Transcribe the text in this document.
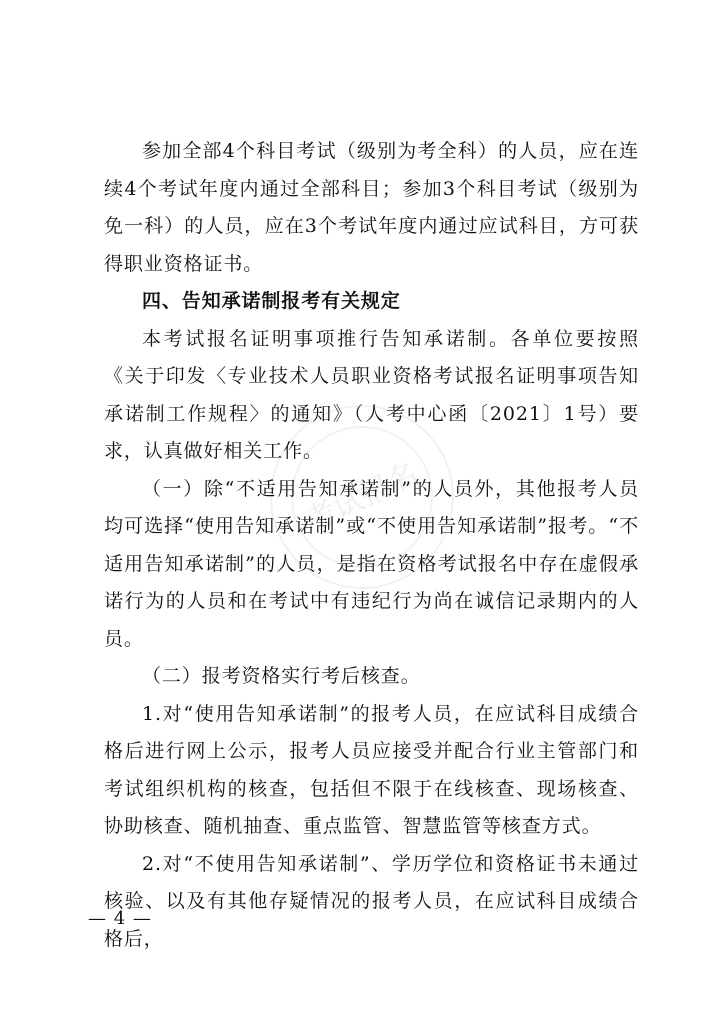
考试报名

参加全部4个科目考试（级别为考全科）的人员，应在连续4个考试年度内通过全部科目；参加3个科目考试（级别为免一科）的人员，应在3个考试年度内通过应试科目，方可获得职业资格证书。

四、告知承诺制报考有关规定

本考试报名证明事项推行告知承诺制。各单位要按照《关于印发〈专业技术人员职业资格考试报名证明事项告知承诺制工作规程〉的通知》（人考中心函〔2021〕1号）要求，认真做好相关工作。

（一）除“不适用告知承诺制”的人员外，其他报考人员均可选择“使用告知承诺制”或“不使用告知承诺制”报考。“不适用告知承诺制”的人员，是指在资格考试报名中存在虚假承诺行为的人员和在考试中有违纪行为尚在诚信记录期内的人员。

（二）报考资格实行考后核查。

1.对“使用告知承诺制”的报考人员，在应试科目成绩合格后进行网上公示，报考人员应接受并配合行业主管部门和考试组织机构的核查，包括但不限于在线核查、现场核查、协助核查、随机抽查、重点监管、智慧监管等核查方式。

2.对“不使用告知承诺制”、学历学位和资格证书未通过核验、以及有其他存疑情况的报考人员，在应试科目成绩合格后，

— 4 —
